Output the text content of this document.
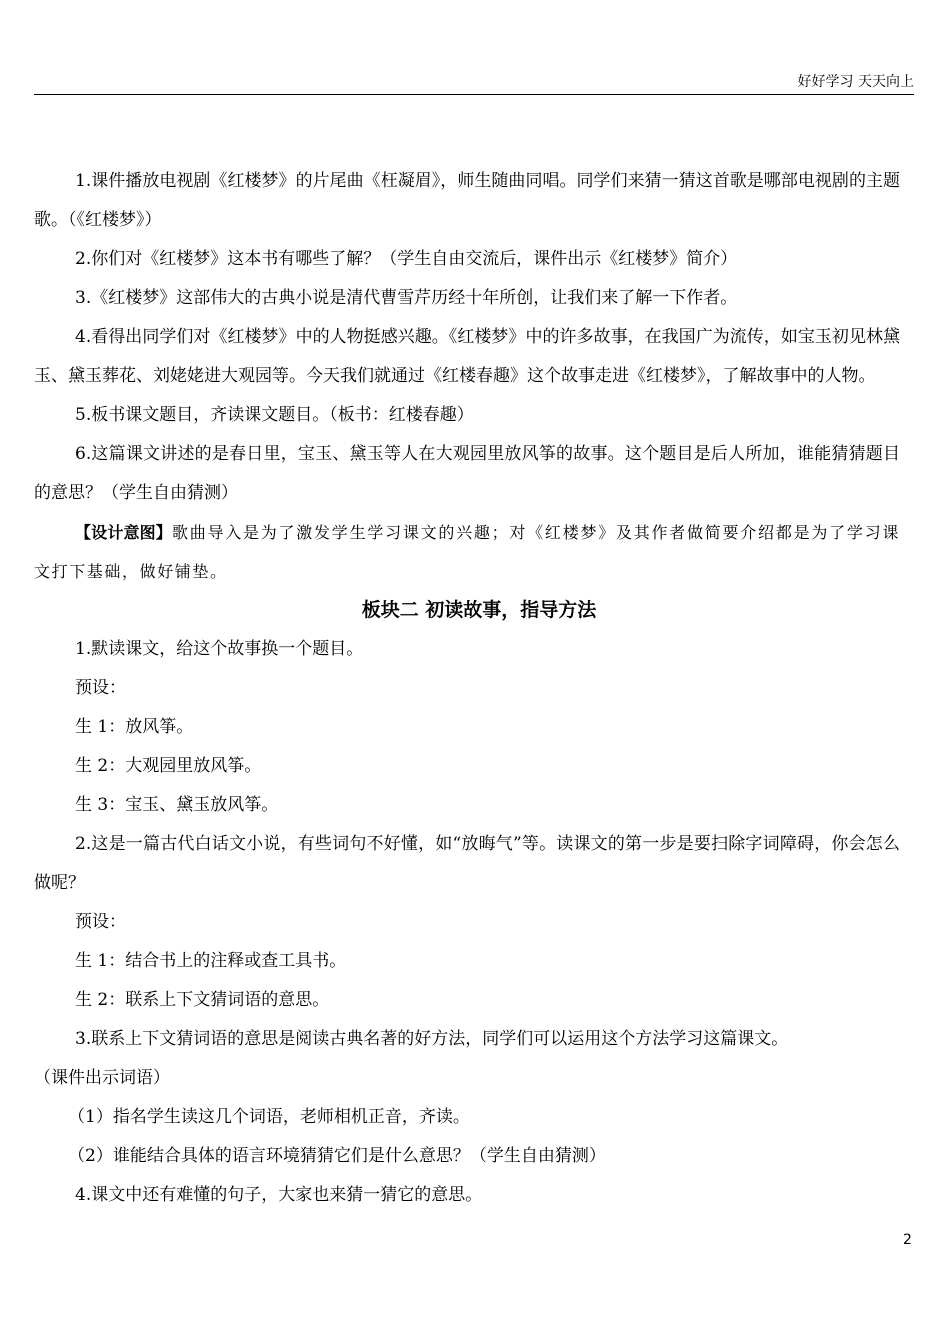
好好学习 天天向上
1.课件播放电视剧《红楼梦》的片尾曲《枉凝眉》，师生随曲同唱。同学们来猜一猜这首歌是哪部电视剧的主题歌。（《红楼梦》）
2.你们对《红楼梦》这本书有哪些了解？（学生自由交流后，课件出示《红楼梦》简介）
3.《红楼梦》这部伟大的古典小说是清代曹雪芹历经十年所创，让我们来了解一下作者。
4.看得出同学们对《红楼梦》中的人物挺感兴趣。《红楼梦》中的许多故事，在我国广为流传，如宝玉初见林黛玉、黛玉葬花、刘姥姥进大观园等。今天我们就通过《红楼春趣》这个故事走进《红楼梦》，了解故事中的人物。
5.板书课文题目，齐读课文题目。（板书：红楼春趣）
6.这篇课文讲述的是春日里，宝玉、黛玉等人在大观园里放风筝的故事。这个题目是后人所加，谁能猜猜题目的意思？（学生自由猜测）
【设计意图】歌曲导入是为了激发学生学习课文的兴趣；对《红楼梦》及其作者做简要介绍都是为了学习课文打下基础，做好铺垫。
板块二 初读故事，指导方法
1.默读课文，给这个故事换一个题目。
预设：
生 1：放风筝。
生 2：大观园里放风筝。
生 3：宝玉、黛玉放风筝。
2.这是一篇古代白话文小说，有些词句不好懂，如“放晦气”等。读课文的第一步是要扫除字词障碍，你会怎么做呢？
预设：
生 1：结合书上的注释或查工具书。
生 2：联系上下文猜词语的意思。
3.联系上下文猜词语的意思是阅读古典名著的好方法，同学们可以运用这个方法学习这篇课文。
（课件出示词语）
（1）指名学生读这几个词语，老师相机正音，齐读。
（2）谁能结合具体的语言环境猜猜它们是什么意思？（学生自由猜测）
4.课文中还有难懂的句子，大家也来猜一猜它的意思。
2
